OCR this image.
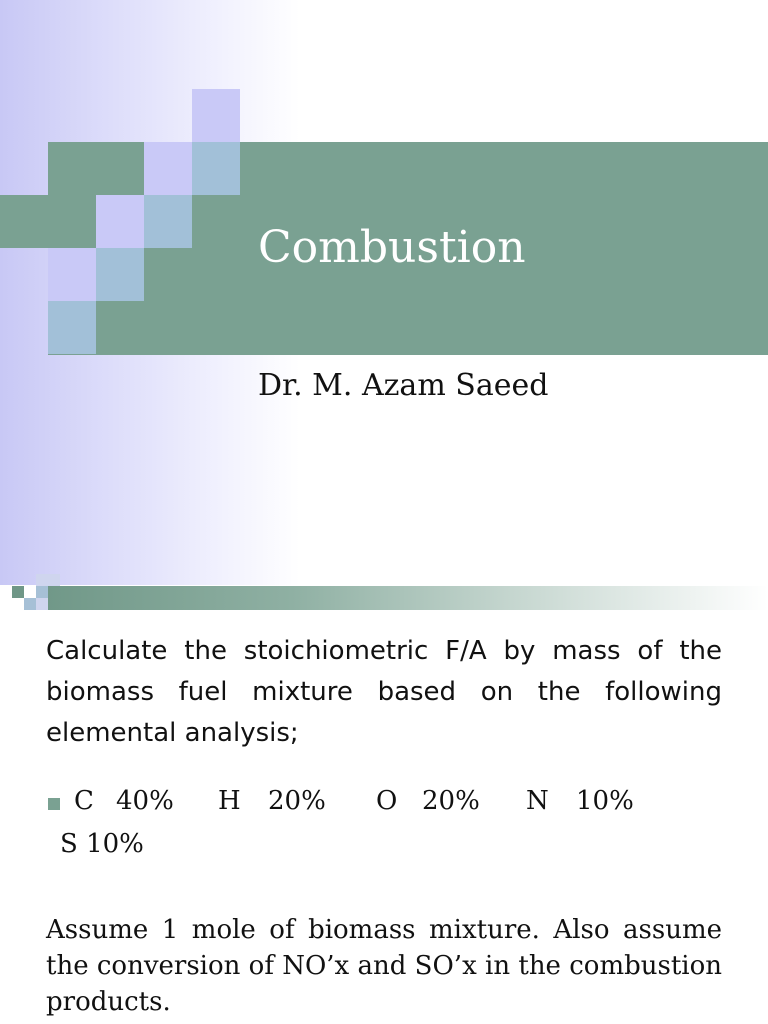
Combustion
Dr. M. Azam Saeed
Calculate the stoichiometric F/A by mass of the biomass fuel mixture based on the following elemental analysis;
C 40% H 20% O 20% N 10%
S 10%
Assume 1 mole of biomass mixture. Also assume the conversion of NO’x and SO’x in the combustion products.
